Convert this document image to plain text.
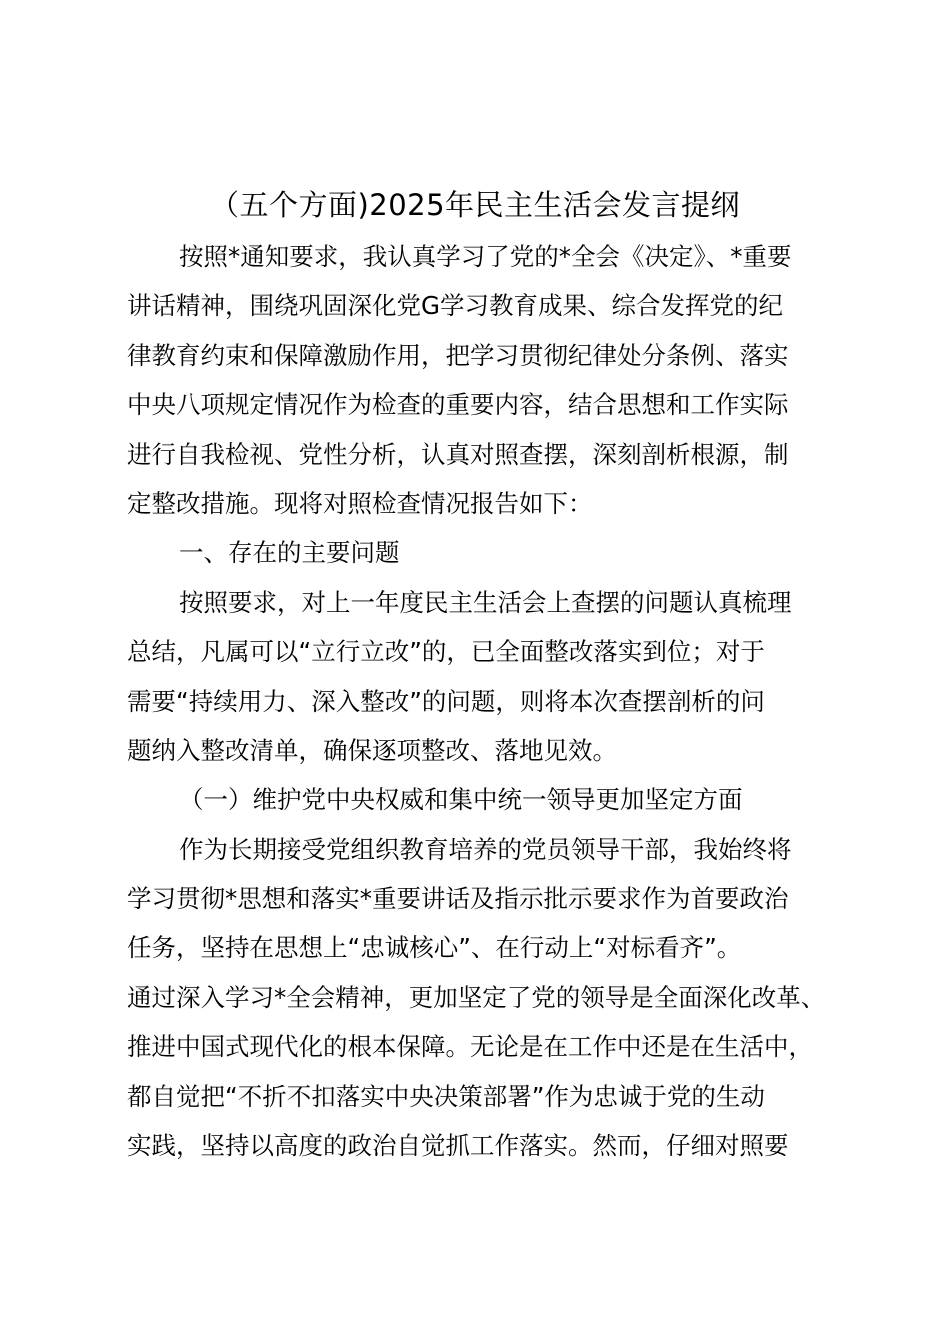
（五个方面)2025年民主生活会发言提纲
按照*通知要求，我认真学习了党的*全会《决定》、*重要
讲话精神，围绕巩固深化党G学习教育成果、综合发挥党的纪
律教育约束和保障激励作用，把学习贯彻纪律处分条例、落实
中央八项规定情况作为检查的重要内容，结合思想和工作实际
进行自我检视、党性分析，认真对照查摆，深刻剖析根源，制
定整改措施。现将对照检查情况报告如下：
一、存在的主要问题
按照要求，对上一年度民主生活会上查摆的问题认真梳理
总结，凡属可以“立行立改”的，已全面整改落实到位；对于
需要“持续用力、深入整改”的问题，则将本次查摆剖析的问
题纳入整改清单，确保逐项整改、落地见效。
（一）维护党中央权威和集中统一领导更加坚定方面
作为长期接受党组织教育培养的党员领导干部，我始终将
学习贯彻*思想和落实*重要讲话及指示批示要求作为首要政治
任务，坚持在思想上“忠诚核心”、在行动上“对标看齐”。
通过深入学习*全会精神，更加坚定了党的领导是全面深化改革、
推进中国式现代化的根本保障。无论是在工作中还是在生活中，
都自觉把“不折不扣落实中央决策部署”作为忠诚于党的生动
实践，坚持以高度的政治自觉抓工作落实。然而，仔细对照要
